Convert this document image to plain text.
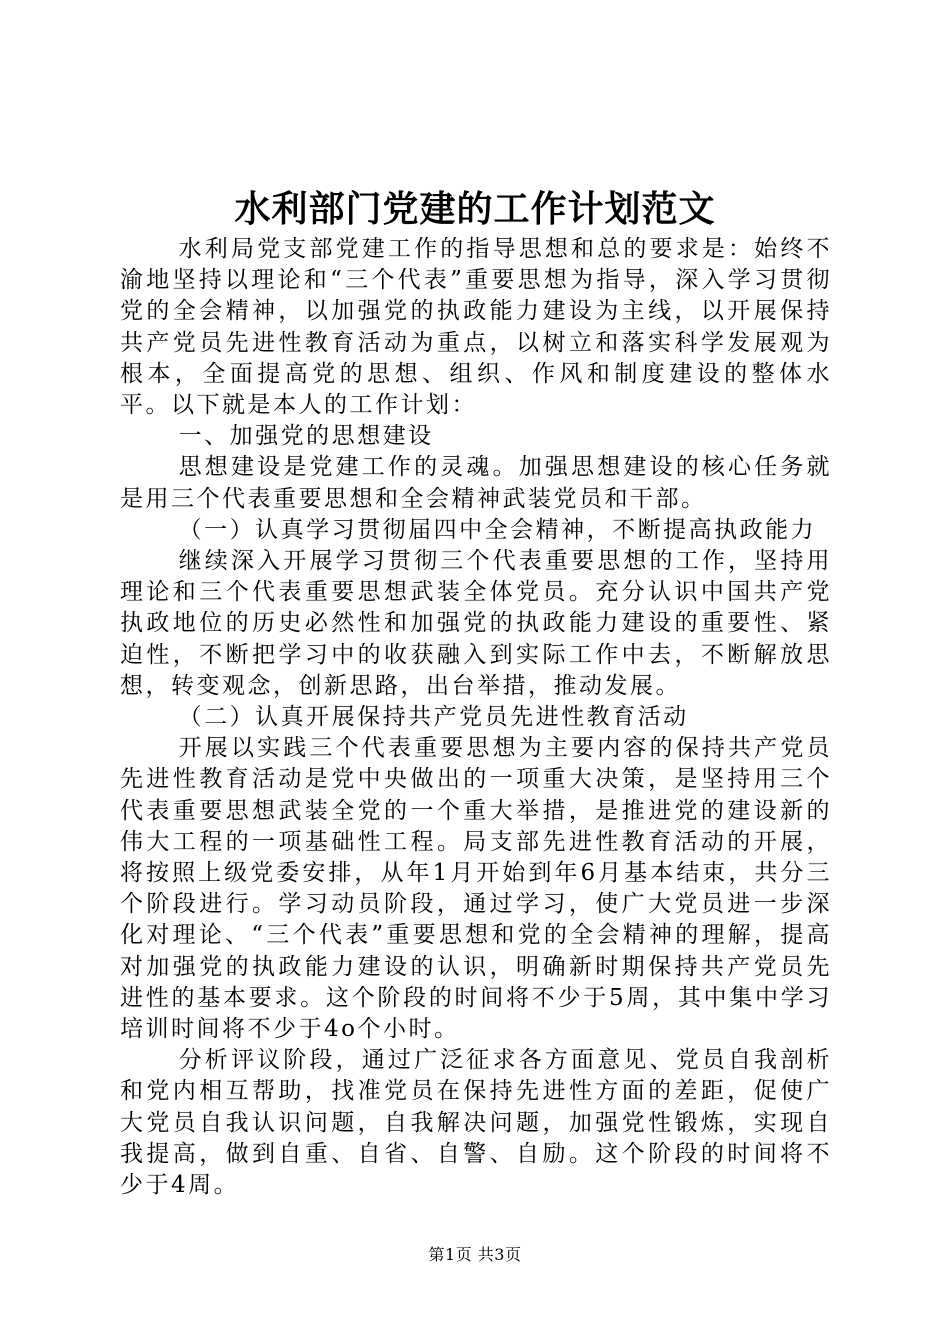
水利部门党建的工作计划范文

水利局党支部党建工作的指导思想和总的要求是：始终不渝地坚持以理论和“三个代表”重要思想为指导，深入学习贯彻党的全会精神，以加强党的执政能力建设为主线，以开展保持共产党员先进性教育活动为重点，以树立和落实科学发展观为根本，全面提高党的思想、组织、作风和制度建设的整体水平。以下就是本人的工作计划：

一、加强党的思想建设

思想建设是党建工作的灵魂。加强思想建设的核心任务就是用三个代表重要思想和全会精神武装党员和干部。

（一）认真学习贯彻届四中全会精神，不断提高执政能力

继续深入开展学习贯彻三个代表重要思想的工作，坚持用理论和三个代表重要思想武装全体党员。充分认识中国共产党执政地位的历史必然性和加强党的执政能力建设的重要性、紧迫性，不断把学习中的收获融入到实际工作中去，不断解放思想，转变观念，创新思路，出台举措，推动发展。

（二）认真开展保持共产党员先进性教育活动

开展以实践三个代表重要思想为主要内容的保持共产党员先进性教育活动是党中央做出的一项重大决策，是坚持用三个代表重要思想武装全党的一个重大举措，是推进党的建设新的伟大工程的一项基础性工程。局支部先进性教育活动的开展，将按照上级党委安排，从年1月开始到年6月基本结束，共分三个阶段进行。学习动员阶段，通过学习，使广大党员进一步深化对理论、“三个代表”重要思想和党的全会精神的理解，提高对加强党的执政能力建设的认识，明确新时期保持共产党员先进性的基本要求。这个阶段的时间将不少于5周，其中集中学习培训时间将不少于4o个小时。

分析评议阶段，通过广泛征求各方面意见、党员自我剖析和党内相互帮助，找准党员在保持先进性方面的差距，促使广大党员自我认识问题，自我解决问题，加强党性锻炼，实现自我提高，做到自重、自省、自警、自励。这个阶段的时间将不少于4周。

第1页 共3页
